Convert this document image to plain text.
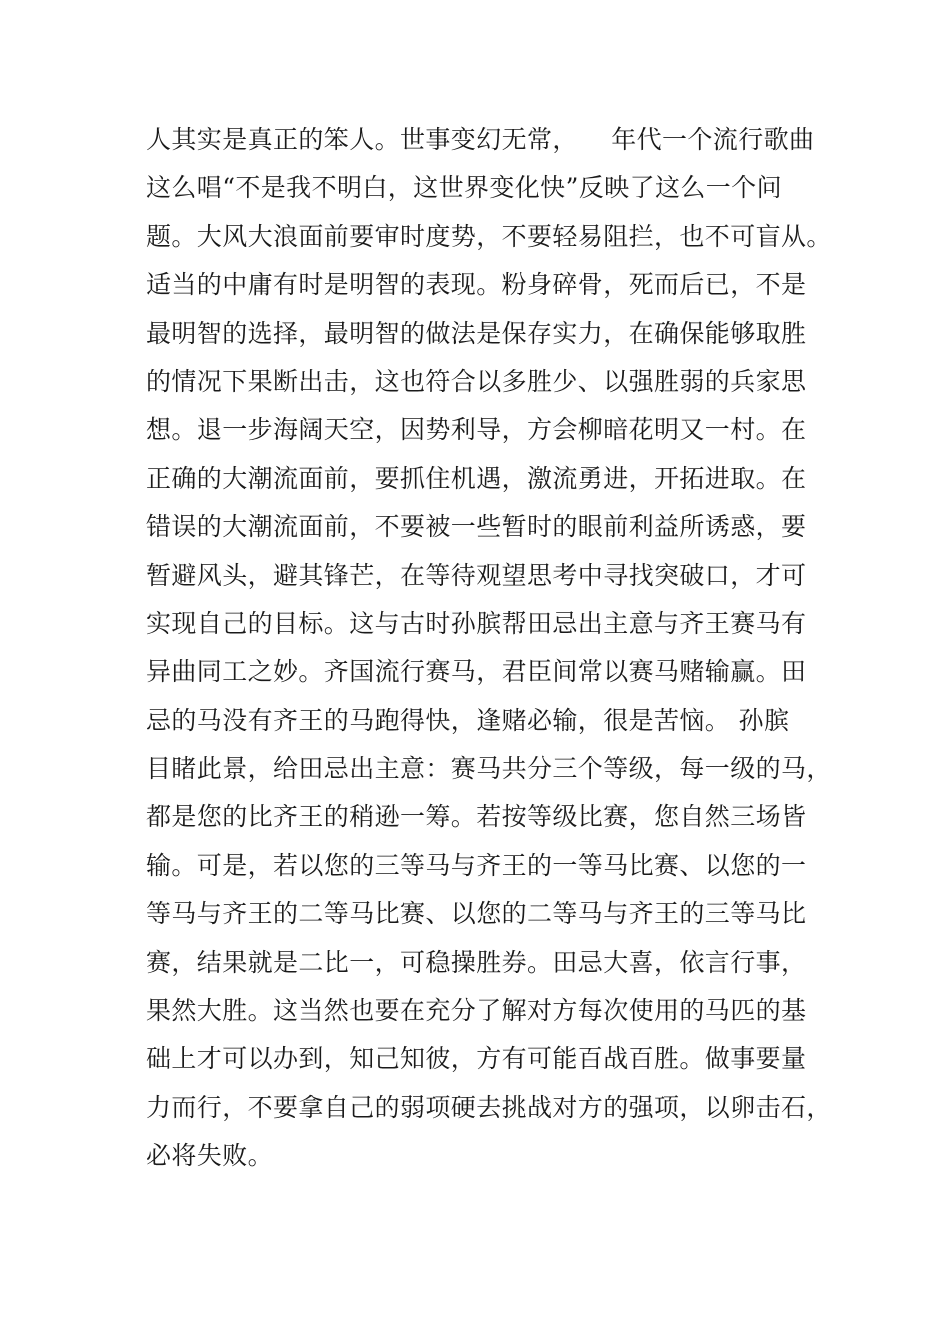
人其实是真正的笨人。世事变幻无常，    年代一个流行歌曲
这么唱“不是我不明白，这世界变化快”反映了这么一个问
题。大风大浪面前要审时度势，不要轻易阻拦，也不可盲从。
适当的中庸有时是明智的表现。粉身碎骨，死而后已，不是
最明智的选择，最明智的做法是保存实力，在确保能够取胜
的情况下果断出击，这也符合以多胜少、以强胜弱的兵家思
想。退一步海阔天空，因势利导，方会柳暗花明又一村。在
正确的大潮流面前，要抓住机遇，激流勇进，开拓进取。在
错误的大潮流面前，不要被一些暂时的眼前利益所诱惑，要
暂避风头，避其锋芒，在等待观望思考中寻找突破口，才可
实现自己的目标。这与古时孙膑帮田忌出主意与齐王赛马有
异曲同工之妙。齐国流行赛马，君臣间常以赛马赌输赢。田
忌的马没有齐王的马跑得快，逢赌必输，很是苦恼。 孙膑
目睹此景，给田忌出主意：赛马共分三个等级，每一级的马，
都是您的比齐王的稍逊一筹。若按等级比赛，您自然三场皆
输。可是，若以您的三等马与齐王的一等马比赛、以您的一
等马与齐王的二等马比赛、以您的二等马与齐王的三等马比
赛，结果就是二比一，可稳操胜券。田忌大喜，依言行事，
果然大胜。这当然也要在充分了解对方每次使用的马匹的基
础上才可以办到，知己知彼，方有可能百战百胜。做事要量
力而行，不要拿自己的弱项硬去挑战对方的强项，以卵击石，
必将失败。
